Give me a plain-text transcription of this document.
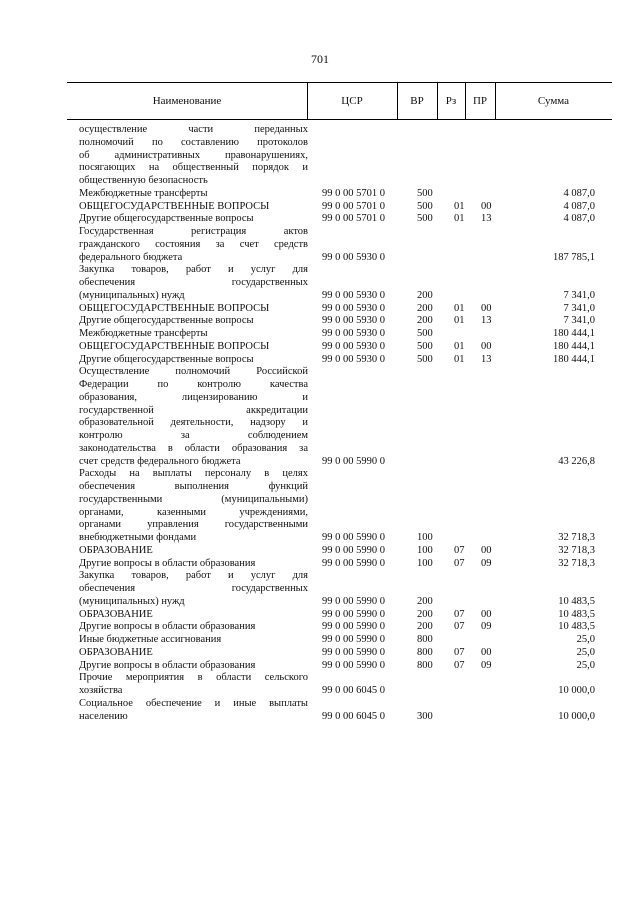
701
Наименование	ЦСР	ВР	Рз	ПР	Сумма
осуществление части переданных
полномочий по составлению протоколов
об административных правонарушениях,
посягающих на общественный порядок и
общественную безопасность
Межбюджетные трансферты	99 0 00 5701 0	500	4 087,0
ОБЩЕГОСУДАРСТВЕННЫЕ ВОПРОСЫ	99 0 00 5701 0	500	01	00	4 087,0
Другие общегосударственные вопросы	99 0 00 5701 0	500	01	13	4 087,0
Государственная регистрация актов
гражданского состояния за счет средств
федерального бюджета	99 0 00 5930 0	187 785,1
Закупка товаров, работ и услуг для
обеспечения государственных
(муниципальных) нужд	99 0 00 5930 0	200	7 341,0
ОБЩЕГОСУДАРСТВЕННЫЕ ВОПРОСЫ	99 0 00 5930 0	200	01	00	7 341,0
Другие общегосударственные вопросы	99 0 00 5930 0	200	01	13	7 341,0
Межбюджетные трансферты	99 0 00 5930 0	500	180 444,1
ОБЩЕГОСУДАРСТВЕННЫЕ ВОПРОСЫ	99 0 00 5930 0	500	01	00	180 444,1
Другие общегосударственные вопросы	99 0 00 5930 0	500	01	13	180 444,1
Осуществление полномочий Российской
Федерации по контролю качества
образования, лицензированию и
государственной аккредитации
образовательной деятельности, надзору и
контролю за соблюдением
законодательства в области образования за
счет средств федерального бюджета	99 0 00 5990 0	43 226,8
Расходы на выплаты персоналу в целях
обеспечения выполнения функций
государственными (муниципальными)
органами, казенными учреждениями,
органами управления государственными
внебюджетными фондами	99 0 00 5990 0	100	32 718,3
ОБРАЗОВАНИЕ	99 0 00 5990 0	100	07	00	32 718,3
Другие вопросы в области образования	99 0 00 5990 0	100	07	09	32 718,3
Закупка товаров, работ и услуг для
обеспечения государственных
(муниципальных) нужд	99 0 00 5990 0	200	10 483,5
ОБРАЗОВАНИЕ	99 0 00 5990 0	200	07	00	10 483,5
Другие вопросы в области образования	99 0 00 5990 0	200	07	09	10 483,5
Иные бюджетные ассигнования	99 0 00 5990 0	800	25,0
ОБРАЗОВАНИЕ	99 0 00 5990 0	800	07	00	25,0
Другие вопросы в области образования	99 0 00 5990 0	800	07	09	25,0
Прочие мероприятия в области сельского
хозяйства	99 0 00 6045 0	10 000,0
Социальное обеспечение и иные выплаты
населению	99 0 00 6045 0	300	10 000,0
